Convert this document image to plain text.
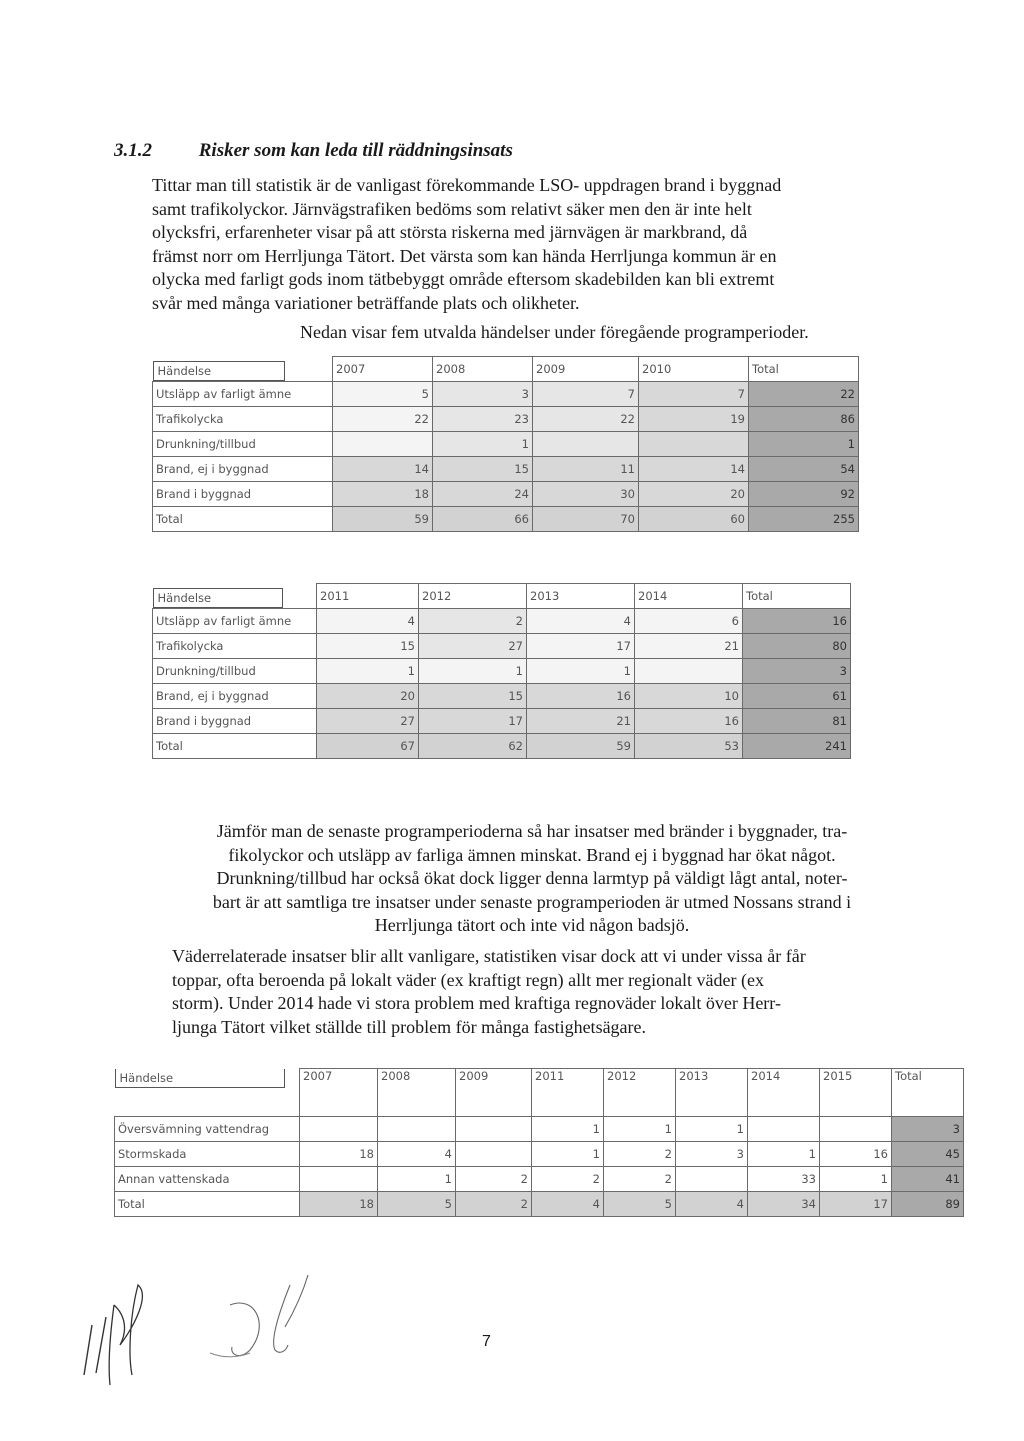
3.1.2 Risker som kan leda till räddningsinsats
Tittar man till statistik är de vanligast förekommande LSO- uppdragen brand i byggnad
samt trafikolyckor. Järnvägstrafiken bedöms som relativt säker men den är inte helt
olycksfri, erfarenheter visar på att största riskerna med järnvägen är markbrand, då
främst norr om Herrljunga Tätort. Det värsta som kan hända Herrljunga kommun är en
olycka med farligt gods inom tätbebyggt område eftersom skadebilden kan bli extremt
svår med många variationer beträffande plats och olikheter.
Nedan visar fem utvalda händelser under föregående programperioder.
Händelse	2007	2008	2009	2010	Total
Utsläpp av farligt ämne	5	3	7	7	22
Trafikolycka	22	23	22	19	86
Drunkning/tillbud		1			1
Brand, ej i byggnad	14	15	11	14	54
Brand i byggnad	18	24	30	20	92
Total	59	66	70	60	255
Händelse	2011	2012	2013	2014	Total
Utsläpp av farligt ämne	4	2	4	6	16
Trafikolycka	15	27	17	21	80
Drunkning/tillbud	1	1	1		3
Brand, ej i byggnad	20	15	16	10	61
Brand i byggnad	27	17	21	16	81
Total	67	62	59	53	241
Jämför man de senaste programperioderna så har insatser med bränder i byggnader, tra-
fikolyckor och utsläpp av farliga ämnen minskat. Brand ej i byggnad har ökat något.
Drunkning/tillbud har också ökat dock ligger denna larmtyp på väldigt lågt antal, noter-
bart är att samtliga tre insatser under senaste programperioden är utmed Nossans strand i
Herrljunga tätort och inte vid någon badsjö.
Väderrelaterade insatser blir allt vanligare, statistiken visar dock att vi under vissa år får
toppar, ofta beroenda på lokalt väder (ex kraftigt regn) allt mer regionalt väder (ex
storm). Under 2014 hade vi stora problem med kraftiga regnoväder lokalt över Herr-
ljunga Tätort vilket ställde till problem för många fastighetsägare.
Händelse	2007	2008	2009	2011	2012	2013	2014	2015	Total
Översvämning vattendrag				1	1	1			3
Stormskada	18	4		1	2	3	1	16	45
Annan vattenskada		1	2	2	2		33	1	41
Total	18	5	2	4	5	4	34	17	89
7
